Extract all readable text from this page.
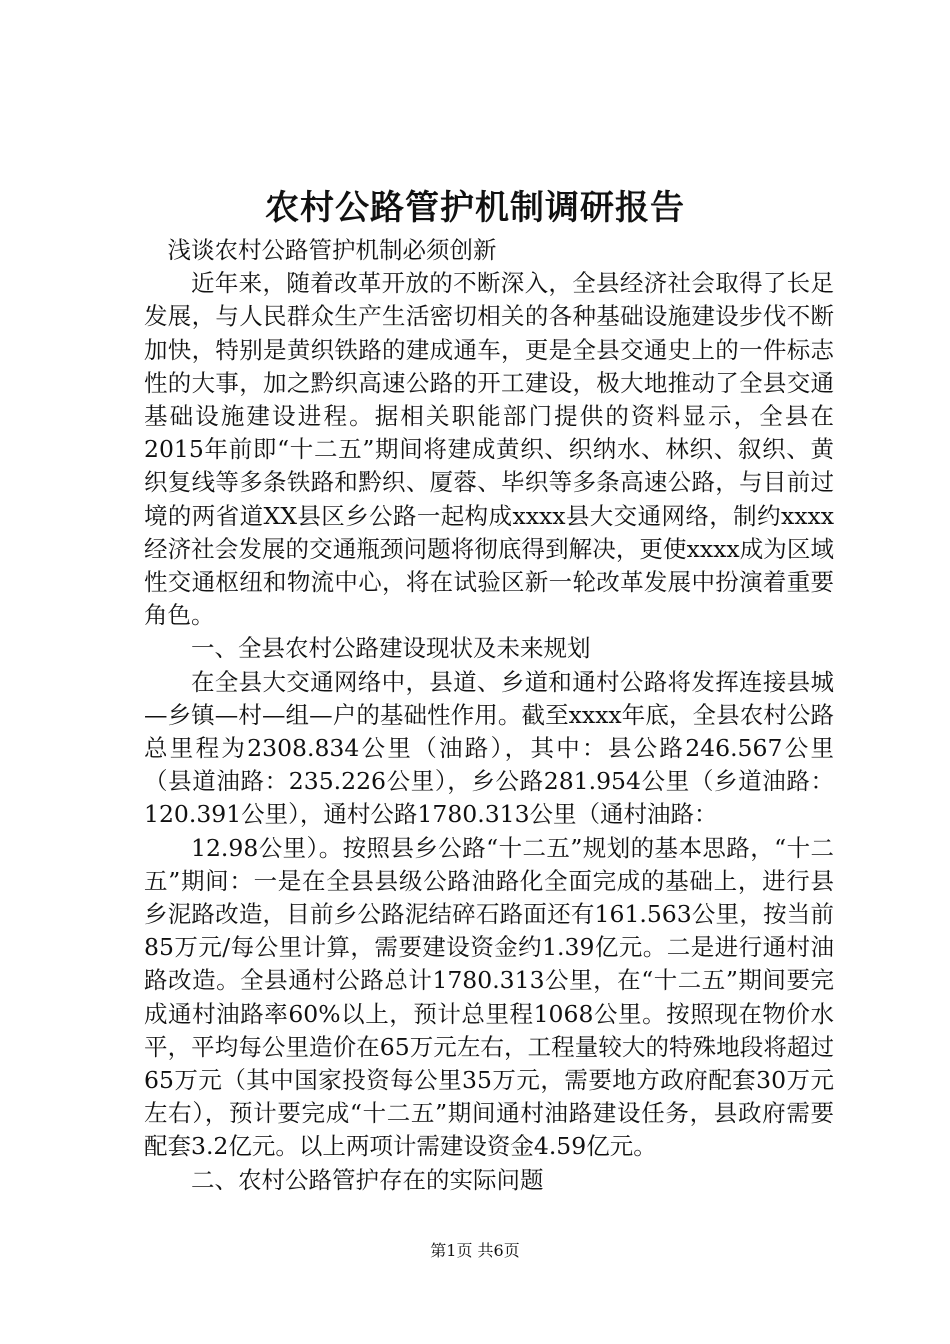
农村公路管护机制调研报告

浅谈农村公路管护机制必须创新

近年来，随着改革开放的不断深入，全县经济社会取得了长足发展，与人民群众生产生活密切相关的各种基础设施建设步伐不断加快，特别是黄织铁路的建成通车，更是全县交通史上的一件标志性的大事，加之黔织高速公路的开工建设，极大地推动了全县交通基础设施建设进程。据相关职能部门提供的资料显示，全县在2015年前即“十二五”期间将建成黄织、织纳水、林织、叙织、黄织复线等多条铁路和黔织、厦蓉、毕织等多条高速公路，与目前过境的两省道XX县区乡公路一起构成xxxx县大交通网络，制约xxxx经济社会发展的交通瓶颈问题将彻底得到解决，更使xxxx成为区域性交通枢纽和物流中心，将在试验区新一轮改革发展中扮演着重要角色。

一、全县农村公路建设现状及未来规划

在全县大交通网络中，县道、乡道和通村公路将发挥连接县城—乡镇—村—组—户的基础性作用。截至xxxx年底，全县农村公路总里程为2308.834公里（油路），其中：县公路246.567公里（县道油路：235.226公里），乡公路281.954公里（乡道油路：120.391公里），通村公路1780.313公里（通村油路：

12.98公里）。按照县乡公路“十二五”规划的基本思路，“十二五”期间：一是在全县县级公路油路化全面完成的基础上，进行县乡泥路改造，目前乡公路泥结碎石路面还有161.563公里，按当前85万元/每公里计算，需要建设资金约1.39亿元。二是进行通村油路改造。全县通村公路总计1780.313公里，在“十二五”期间要完成通村油路率60%以上，预计总里程1068公里。按照现在物价水平，平均每公里造价在65万元左右，工程量较大的特殊地段将超过65万元（其中国家投资每公里35万元，需要地方政府配套30万元左右），预计要完成“十二五”期间通村油路建设任务，县政府需要配套3.2亿元。以上两项计需建设资金4.59亿元。

二、农村公路管护存在的实际问题

第1页 共6页
